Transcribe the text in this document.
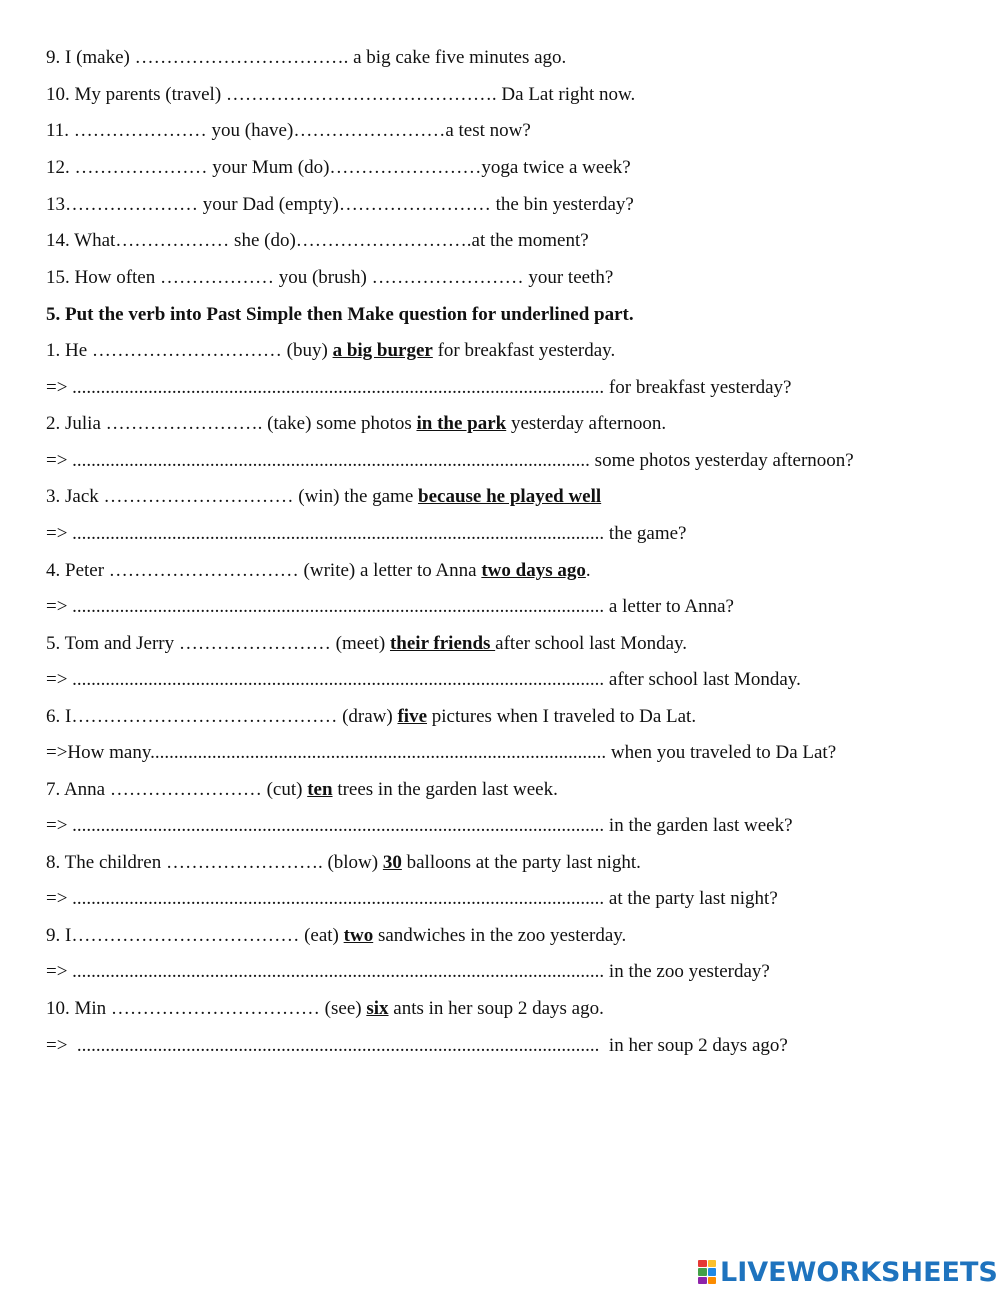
9. I (make) ……………………………. a big cake five minutes ago.
10. My parents (travel) ……………………………………. Da Lat right now.
11. ………………… you (have)……………………a test now?
12. ………………… your Mum (do)……………………yoga twice a week?
13………………… your Dad (empty)…………………… the bin yesterday?
14. What……………… she (do)……………………….at the moment?
15. How often ……………… you (brush) …………………… your teeth?
5. Put the verb into Past Simple then Make question for underlined part.
1. He ………………………… (buy) a big burger for breakfast yesterday.
=> ................................................................................................................ for breakfast yesterday?
2. Julia ……………………. (take) some photos in the park yesterday afternoon.
=> ............................................................................................................. some photos yesterday afternoon?
3. Jack ………………………… (win) the game because he played well
=> ................................................................................................................ the game?
4. Peter ………………………… (write) a letter to Anna two days ago.
=> ................................................................................................................ a letter to Anna?
5. Tom and Jerry …………………… (meet) their friends after school last Monday.
=> ................................................................................................................ after school last Monday.
6. I…………………………………… (draw) five pictures when I traveled to Da Lat.
=>How many................................................................................................ when you traveled to Da Lat?
7. Anna …………………… (cut) ten trees in the garden last week.
=> ................................................................................................................ in the garden last week?
8. The children ……………………. (blow) 30 balloons at the party last night.
=> ................................................................................................................ at the party last night?
9. I……………………………… (eat) two sandwiches in the zoo yesterday.
=> ................................................................................................................ in the zoo yesterday?
10. Min …………………………… (see) six ants in her soup 2 days ago.
=>  ..............................................................................................................  in her soup 2 days ago?
LIVEWORKSHEETS
